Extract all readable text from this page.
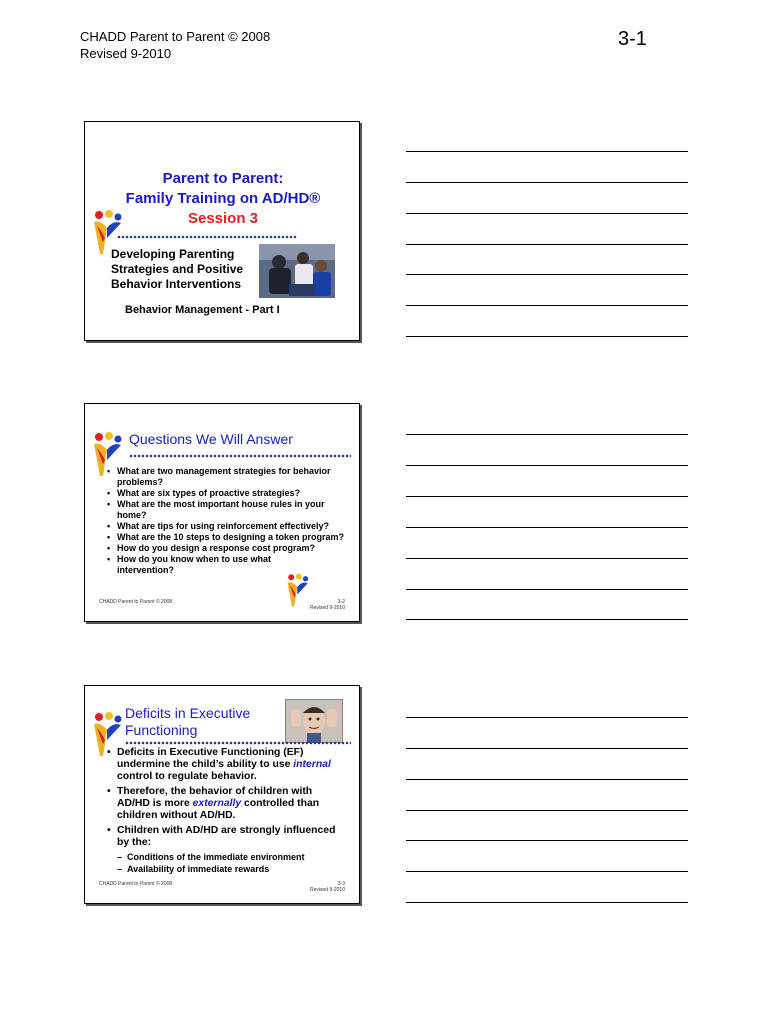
CHADD Parent to Parent © 2008
Revised 9-2010
3-1
Parent to Parent:
Family Training on AD/HD®
Session 3
Developing Parenting
Strategies and Positive
Behavior Interventions
Behavior Management - Part I
Questions We Will Answer
• What are two management strategies for behavior problems?
• What are six types of proactive strategies?
• What are the most important house rules in your home?
• What are tips for using reinforcement effectively?
• What are the 10 steps to designing a token program?
• How do you design a response cost program?
• How do you know when to use what intervention?
CHADD Parent to Parent © 2008	3-2
Revised 9-2010
Deficits in Executive
Functioning
• Deficits in Executive Functioning (EF) undermine the child’s ability to use internal control to regulate behavior.
• Therefore, the behavior of children with AD/HD is more externally controlled than children without AD/HD.
• Children with AD/HD are strongly influenced by the:
– Conditions of the immediate environment
– Availability of immediate rewards
CHADD Parent to Parent © 2008	3-3
Revised 9-2010
